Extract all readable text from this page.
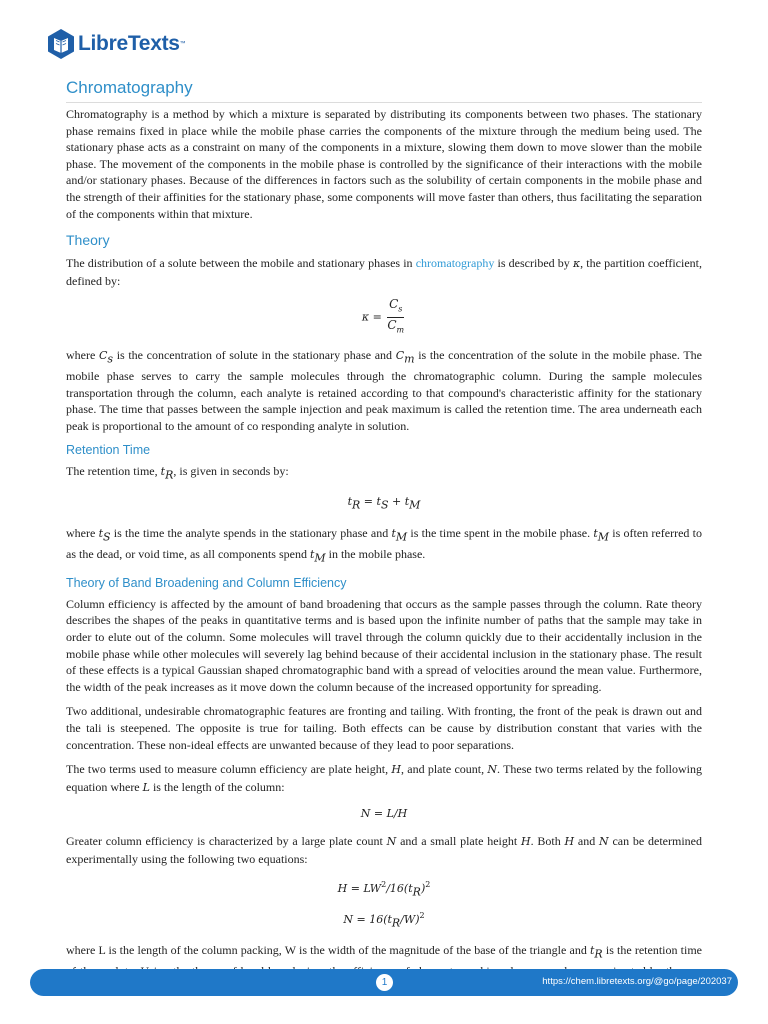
LibreTexts ™
Chromatography

Chromatography is a method by which a mixture is separated by distributing its components between two phases. The stationary phase remains fixed in place while the mobile phase carries the components of the mixture through the medium being used. The stationary phase acts as a constraint on many of the components in a mixture, slowing them down to move slower than the mobile phase. The movement of the components in the mobile phase is controlled by the significance of their interactions with the mobile and/or stationary phases. Because of the differences in factors such as the solubility of certain components in the mobile phase and the strength of their affinities for the stationary phase, some components will move faster than others, thus facilitating the separation of the components within that mixture.

Theory

The distribution of a solute between the mobile and stationary phases in chromatography is described by κ, the partition coefficient, defined by:

$\kappa = \frac{C_s}{C_m}$

where $C_s$ is the concentration of solute in the stationary phase and $C_m$ is the concentration of the solute in the mobile phase. The mobile phase serves to carry the sample molecules through the chromatographic column. During the sample molecules transportation through the column, each analyte is retained according to that compound's characteristic affinity for the stationary phase. The time that passes between the sample injection and peak maximum is called the retention time. The area underneath each peak is proportional to the amount of co responding analyte in solution.

Retention Time

The retention time, $t_R$, is given in seconds by:

$t_R = t_S + t_M$

where $t_S$ is the time the analyte spends in the stationary phase and $t_M$ is the time spent in the mobile phase. $t_M$ is often referred to as the dead, or void time, as all components spend $t_M$ in the mobile phase.

Theory of Band Broadening and Column Efficiency

Column efficiency is affected by the amount of band broadening that occurs as the sample passes through the column. Rate theory describes the shapes of the peaks in quantitative terms and is based upon the infinite number of paths that the sample may take in order to elute out of the column. Some molecules will travel through the column quickly due to their accidentally inclusion in the mobile phase while other molecules will severely lag behind because of their accidental inclusion in the stationary phase. The result of these effects is a typical Gaussian shaped chromatographic band with a spread of velocities around the mean value. Furthermore, the width of the peak increases as it move down the column because of the increased opportunity for spreading.

Two additional, undesirable chromatographic features are fronting and tailing. With fronting, the front of the peak is drawn out and the tali is steepened. The opposite is true for tailing. Both effects can be cause by distribution constant that varies with the concentration. These non-ideal effects are unwanted because of they lead to poor separations.

The two terms used to measure column efficiency are plate height, H, and plate count, N. These two terms related by the following equation where L is the length of the column:

N = L/H

Greater column efficiency is characterized by a large plate count N and a small plate height H. Both H and N can be determined experimentally using the following two equations:

$H = LW^2/16(t_R)^2$
$N = 16(t_R/W)^2$

where L is the length of the column packing, W is the width of the magnitude of the base of the triangle and $t_R$ is the retention time

1	https://chem.libretexts.org/@go/page/202037
